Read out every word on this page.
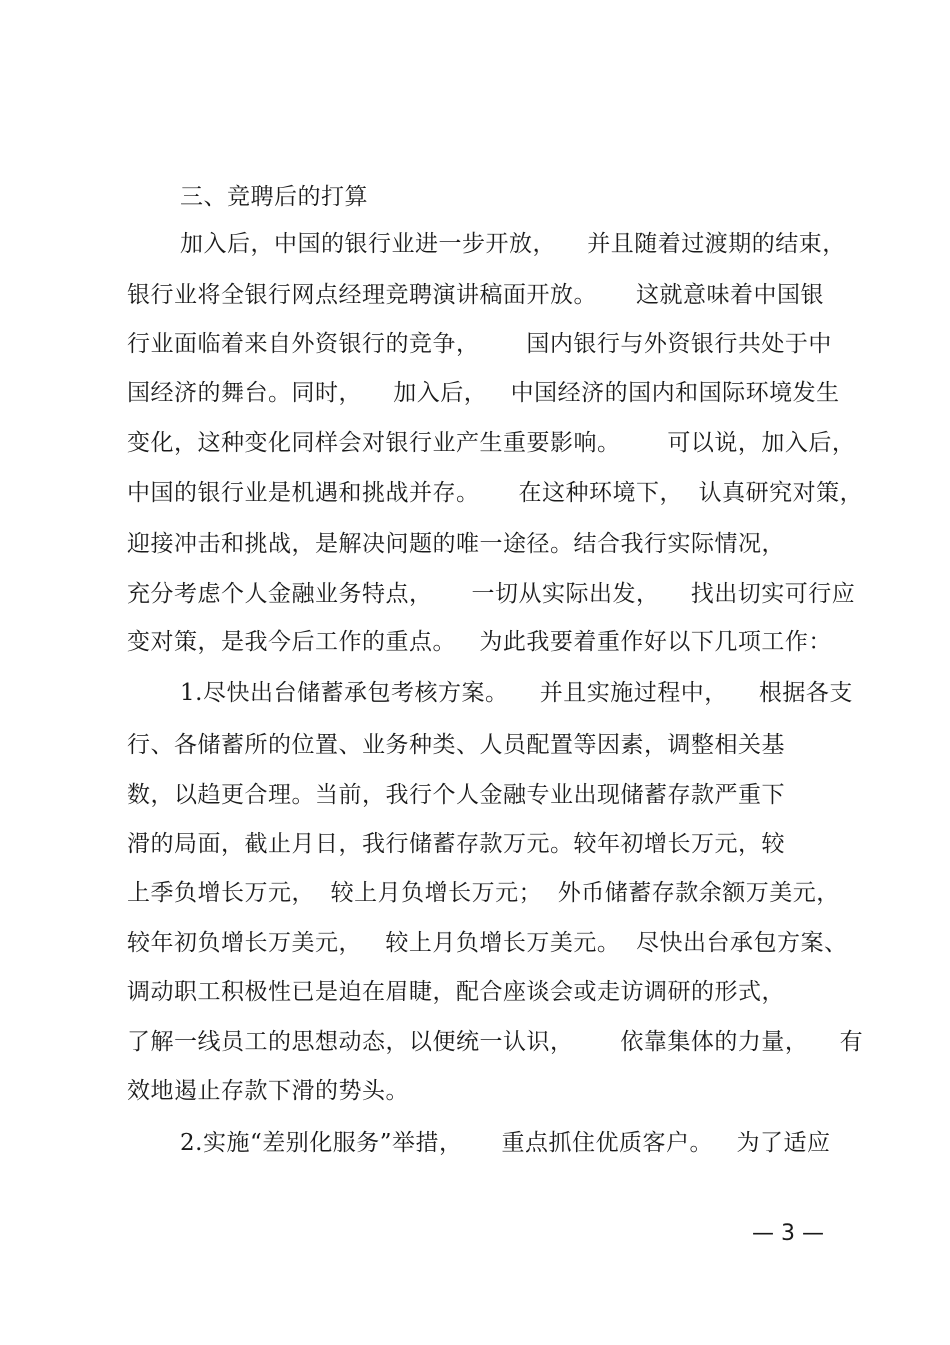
三、竞聘后的打算
加入后，中国的银行业进一步开放，    并且随着过渡期的结束，
银行业将全银行网点经理竞聘演讲稿面开放。     这就意味着中国银
行业面临着来自外资银行的竞争，      国内银行与外资银行共处于中
国经济的舞台。同时，    加入后，   中国经济的国内和国际环境发生
变化，这种变化同样会对银行业产生重要影响。      可以说，加入后，
中国的银行业是机遇和挑战并存。     在这种环境下，  认真研究对策，
迎接冲击和挑战，是解决问题的唯一途径。结合我行实际情况，
充分考虑个人金融业务特点，     一切从实际出发，    找出切实可行应
变对策，是我今后工作的重点。   为此我要着重作好以下几项工作：
1.尽快出台储蓄承包考核方案。    并且实施过程中，    根据各支
行、各储蓄所的位置、业务种类、人员配置等因素，调整相关基
数，以趋更合理。当前，我行个人金融专业出现储蓄存款严重下
滑的局面，截止月日，我行储蓄存款万元。较年初增长万元，较
上季负增长万元，  较上月负增长万元；  外币储蓄存款余额万美元，
较年初负增长万美元，   较上月负增长万美元。  尽快出台承包方案、
调动职工积极性已是迫在眉睫，配合座谈会或走访调研的形式，
了解一线员工的思想动态，以便统一认识，      依靠集体的力量，    有
效地遏止存款下滑的势头。
2.实施“差别化服务”举措，     重点抓住优质客户。   为了适应
— 3 —
